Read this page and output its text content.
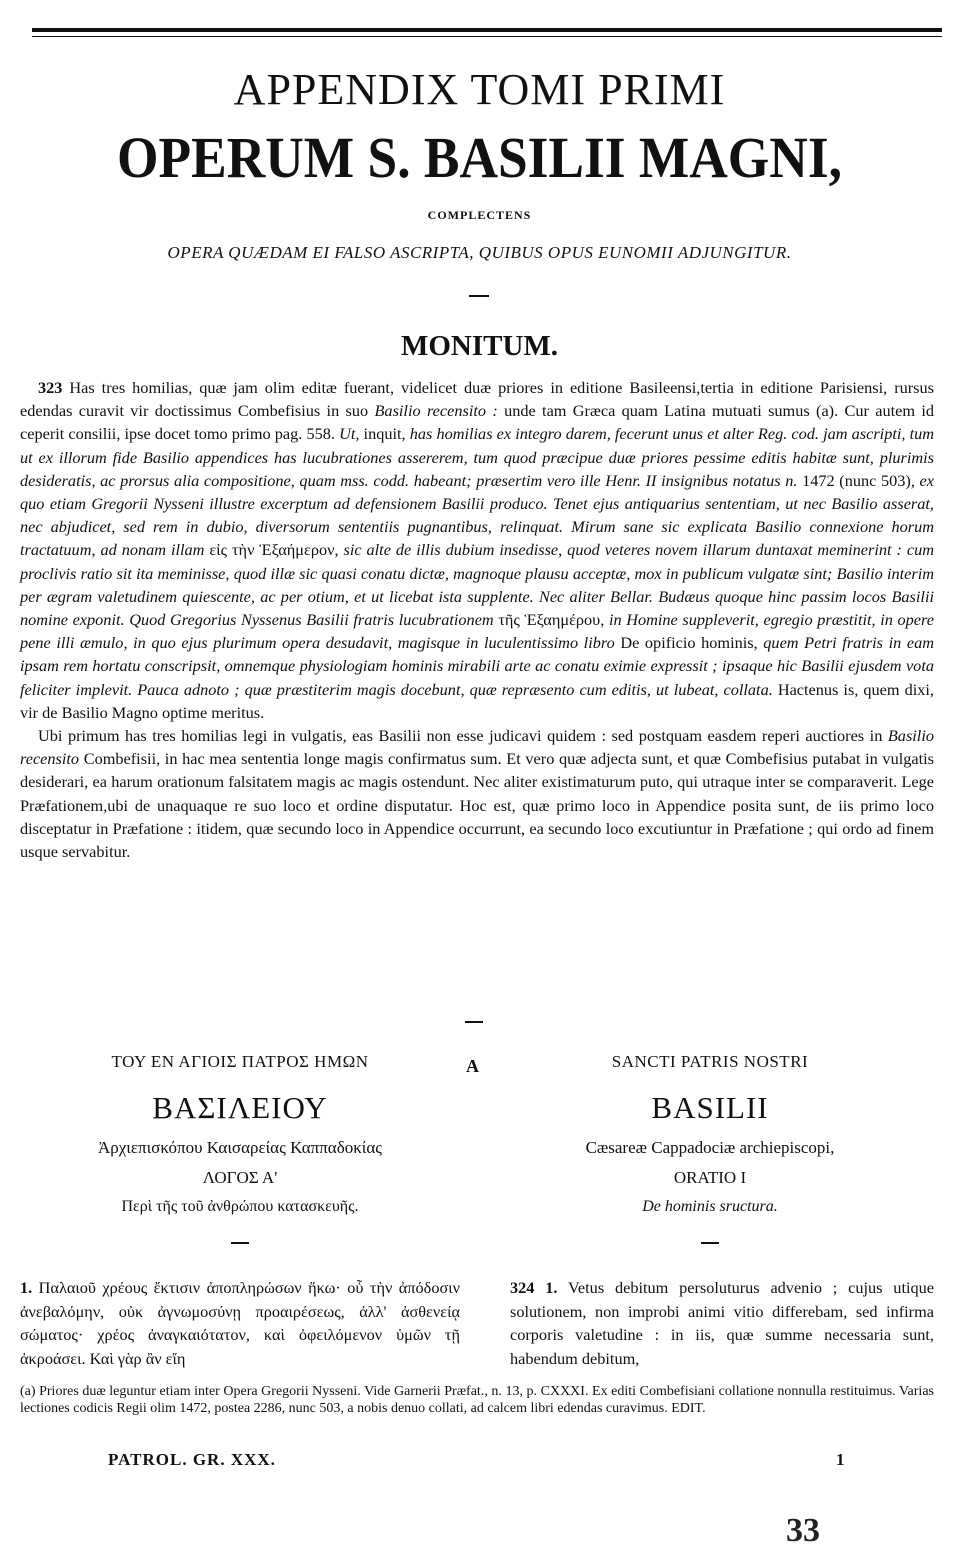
APPENDIX TOMI PRIMI
OPERUM S. BASILII MAGNI,
COMPLECTENS
OPERA QUÆDAM EI FALSO ASCRIPTA, QUIBUS OPUS EUNOMII ADJUNGITUR.
MONITUM.

323 Has tres homilias, quæ jam olim editæ fuerant, videlicet duæ priores in editione Basileensi,tertia in editione Parisiensi, rursus edendas curavit vir doctissimus Combefisius in suo Basilio recensito : unde tam Græca quam Latina mutuati sumus (a). Cur autem id ceperit consilii, ipse docet tomo primo pag. 558. Ut, inquit, has homilias ex integro darem, fecerunt unus et alter Reg. cod. jam ascripti, tum ut ex illorum fide Basilio appendices has lucubrationes assererem, tum quod præcipue duæ priores pessime editis habitæ sunt, plurimis desideratis, ac prorsus alia compositione, quam mss. codd. habeant; præsertim vero ille Henr. II insignibus notatus n. 1472 (nunc 503), ex quo etiam Gregorii Nysseni illustre excerptum ad defensionem Basilii produco. Tenet ejus antiquarius sententiam, ut nec Basilio asserat, nec abjudicet, sed rem in dubio, diversorum sententiis pugnantibus, relinquat. Mirum sane sic explicata Basilio connexione horum tractatuum, ad nonam illam εἰς τὴν Ἑξαήμερον, sic alte de illis dubium insedisse, quod veteres novem illarum duntaxat meminerint : cum proclivis ratio sit ita meminisse, quod illæ sic quasi conatu dictæ, magnoque plausu acceptæ, mox in publicum vulgatæ sint; Basilio interim per ægram valetudinem quiescente, ac per otium, et ut licebat ista supplente. Nec aliter Bellar. Budæus quoque hinc passim locos Basilii nomine exponit. Quod Gregorius Nyssenus Basilii fratris lucubrationem τῆς Ἑξαημέρου, in Homine suppleverit, egregio præstitit, in opere pene illi æmulo, in quo ejus plurimum opera desudavit, magisque in luculentissimo libro De opificio hominis, quem Petri fratris in eam ipsam rem hortatu conscripsit, omnemque physiologiam hominis mirabili arte ac conatu eximie expressit ; ipsaque hic Basilii ejusdem vota feliciter implevit. Pauca adnoto ; quæ præstiterim magis docebunt, quæ repræsento cum editis, ut lubeat, collata. Hactenus is, quem dixi, vir de Basilio Magno optime meritus.

Ubi primum has tres homilias legi in vulgatis, eas Basilii non esse judicavi quidem : sed postquam easdem reperi auctiores in Basilio recensito Combefisii, in hac mea sententia longe magis confirmatus sum. Et vero quæ adjecta sunt, et quæ Combefisius putabat in vulgatis desiderari, ea harum orationum falsitatem magis ac magis ostendunt. Nec aliter existimaturum puto, qui utraque inter se comparaverit. Lege Præfationem,ubi de unaquaque re suo loco et ordine disputatur. Hoc est, quæ primo loco in Appendice posita sunt, de iis primo loco disceptatur in Præfatione : itidem, quæ secundo loco in Appendice occurrunt, ea secundo loco excutiuntur in Præfatione ; qui ordo ad finem usque servabitur.

A
ΤΟΥ ΕΝ ΑΓΙΟΙΣ ΠΑΤΡΟΣ ΗΜΩΝ
ΒΑΣΙΛΕΙΟΥ
Ἀρχιεπισκόπου Καισαρείας Καππαδοκίας
ΛΟΓΟΣ Α'
Περὶ τῆς τοῦ ἀνθρώπου κατασκευῆς.
SANCTI PATRIS NOSTRI
BASILII
Cæsareæ Cappadociæ archiepiscopi,
ORATIO I
De hominis sructura.
1. Παλαιοῦ χρέους ἔκτισιν ἀποπληρώσων ἥκω· οὗ τὴν ἀπόδοσιν ἀνεβαλόμην, οὐκ ἀγνωμοσύνῃ προαιρέσεως, ἀλλ' ἀσθενείᾳ σώματος· χρέος ἀναγκαιότατον, καὶ ὀφειλόμενον ὑμῶν τῇ ἀκροάσει. Καὶ γὰρ ἂν εἴη
324 1. Vetus debitum persoluturus advenio ; cujus utique solutionem, non improbi animi vitio differebam, sed infirma corporis valetudine : in iis, quæ summe necessaria sunt, habendum debitum,
(a) Priores duæ leguntur etiam inter Opera Gregorii Nysseni. Vide Garnerii Præfat., n. 13, p. CXXXI. Ex editi Combefisiani collatione nonnulla restituimus. Varias lectiones codicis Regii olim 1472, postea 2286, nunc 503, a nobis denuo collati, ad calcem libri edendas curavimus. EDIT.
PATROL. GR. XXX.	1
33
